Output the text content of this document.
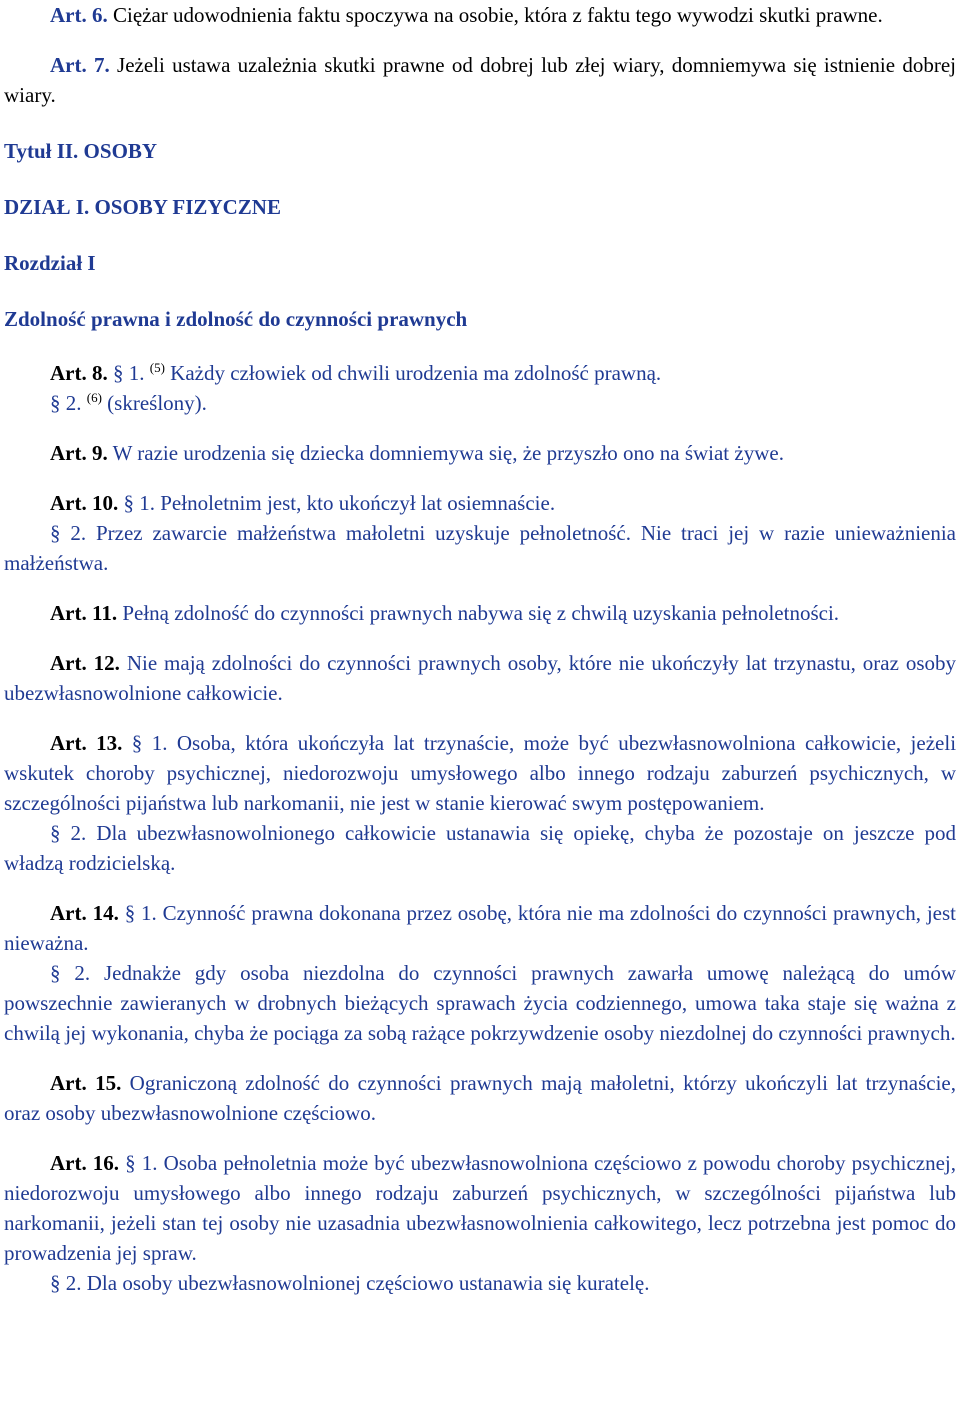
Art. 6. Ciężar udowodnienia faktu spoczywa na osobie, która z faktu tego wywodzi skutki prawne.

Art. 7. Jeżeli ustawa uzależnia skutki prawne od dobrej lub złej wiary, domniemywa się istnienie dobrej wiary.

Tytuł II. OSOBY

DZIAŁ I. OSOBY FIZYCZNE

Rozdział I

Zdolność prawna i zdolność do czynności prawnych

Art. 8. § 1. $^{(5)}$ Każdy człowiek od chwili urodzenia ma zdolność prawną.

§ 2. $^{(6)}$ (skreślony).

Art. 9. W razie urodzenia się dziecka domniemywa się, że przyszło ono na świat żywe.

Art. 10. § 1. Pełnoletnim jest, kto ukończył lat osiemnaście.

§ 2. Przez zawarcie małżeństwa małoletni uzyskuje pełnoletność. Nie traci jej w razie unieważnienia małżeństwa.

Art. 11. Pełną zdolność do czynności prawnych nabywa się z chwilą uzyskania pełnoletności.

Art. 12. Nie mają zdolności do czynności prawnych osoby, które nie ukończyły lat trzynastu, oraz osoby ubezwłasnowolnione całkowicie.

Art. 13. § 1. Osoba, która ukończyła lat trzynaście, może być ubezwłasnowolniona całkowicie, jeżeli wskutek choroby psychicznej, niedorozwoju umysłowego albo innego rodzaju zaburzeń psychicznych, w szczególności pijaństwa lub narkomanii, nie jest w stanie kierować swym postępowaniem.

§ 2. Dla ubezwłasnowolnionego całkowicie ustanawia się opiekę, chyba że pozostaje on jeszcze pod władzą rodzicielską.

Art. 14. § 1. Czynność prawna dokonana przez osobę, która nie ma zdolności do czynności prawnych, jest nieważna.

§ 2. Jednakże gdy osoba niezdolna do czynności prawnych zawarła umowę należącą do umów powszechnie zawieranych w drobnych bieżących sprawach życia codziennego, umowa taka staje się ważna z chwilą jej wykonania, chyba że pociąga za sobą rażące pokrzywdzenie osoby niezdolnej do czynności prawnych.

Art. 15. Ograniczoną zdolność do czynności prawnych mają małoletni, którzy ukończyli lat trzynaście, oraz osoby ubezwłasnowolnione częściowo.

Art. 16. § 1. Osoba pełnoletnia może być ubezwłasnowolniona częściowo z powodu choroby psychicznej, niedorozwoju umysłowego albo innego rodzaju zaburzeń psychicznych, w szczególności pijaństwa lub narkomanii, jeżeli stan tej osoby nie uzasadnia ubezwłasnowolnienia całkowitego, lecz potrzebna jest pomoc do prowadzenia jej spraw.

§ 2. Dla osoby ubezwłasnowolnionej częściowo ustanawia się kuratelę.
